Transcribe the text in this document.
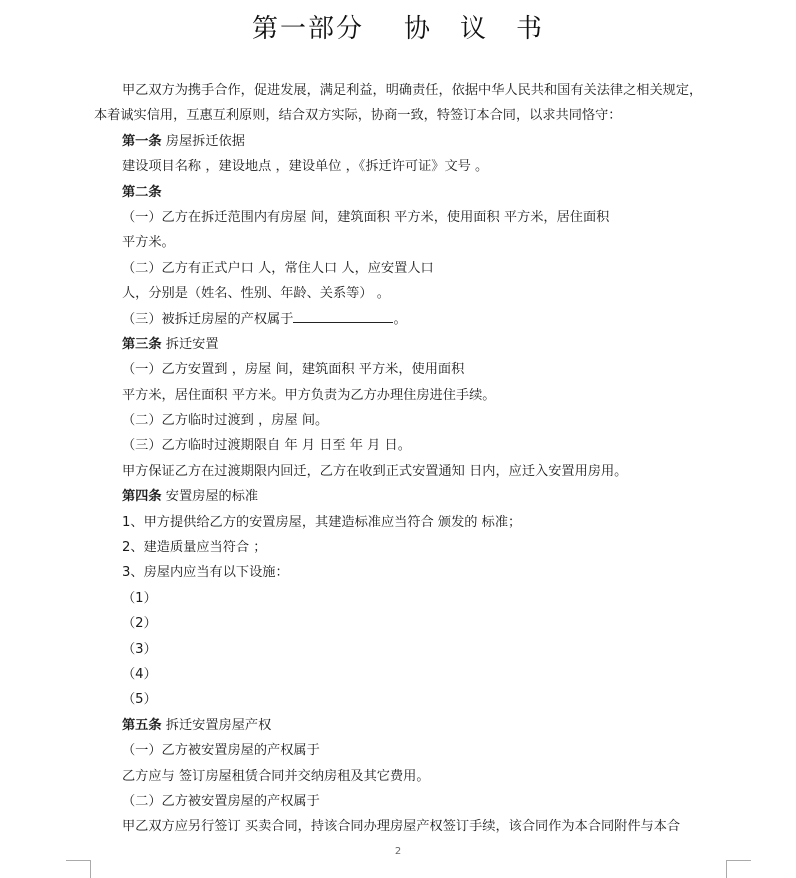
第一部分 协　议　书
甲乙双方为携手合作，促进发展，满足利益，明确责任，依据中华人民共和国有关法律之相关规定，
本着诚实信用，互惠互利原则，结合双方实际，协商一致，特签订本合同，以求共同恪守：
第一条 房屋拆迁依据
建设项目名称 ，建设地点 ，建设单位 ，《拆迁许可证》文号 。
第二条
（一）乙方在拆迁范围内有房屋 间，建筑面积 平方米，使用面积 平方米，居住面积
平方米。
（二）乙方有正式户口 人，常住人口 人，应安置人口
人，分别是（姓名、性别、年龄、关系等） 。
（三）被拆迁房屋的产权属于	。
第三条 拆迁安置
（一）乙方安置到 ，房屋 间，建筑面积 平方米，使用面积
平方米，居住面积 平方米。甲方负责为乙方办理住房进住手续。
（二）乙方临时过渡到 ，房屋 间。
（三）乙方临时过渡期限自 年 月 日至 年 月 日。
甲方保证乙方在过渡期限内回迁，乙方在收到正式安置通知 日内，应迁入安置用房用。
第四条 安置房屋的标准
1、甲方提供给乙方的安置房屋，其建造标准应当符合 颁发的 标准；
2、建造质量应当符合 ；
3、房屋内应当有以下设施：
（1）
（2）
（3）
（4）
（5）
第五条 拆迁安置房屋产权
（一）乙方被安置房屋的产权属于
乙方应与 签订房屋租赁合同并交纳房租及其它费用。
（二）乙方被安置房屋的产权属于
甲乙双方应另行签订 买卖合同，持该合同办理房屋产权签订手续，该合同作为本合同附件与本合
2
